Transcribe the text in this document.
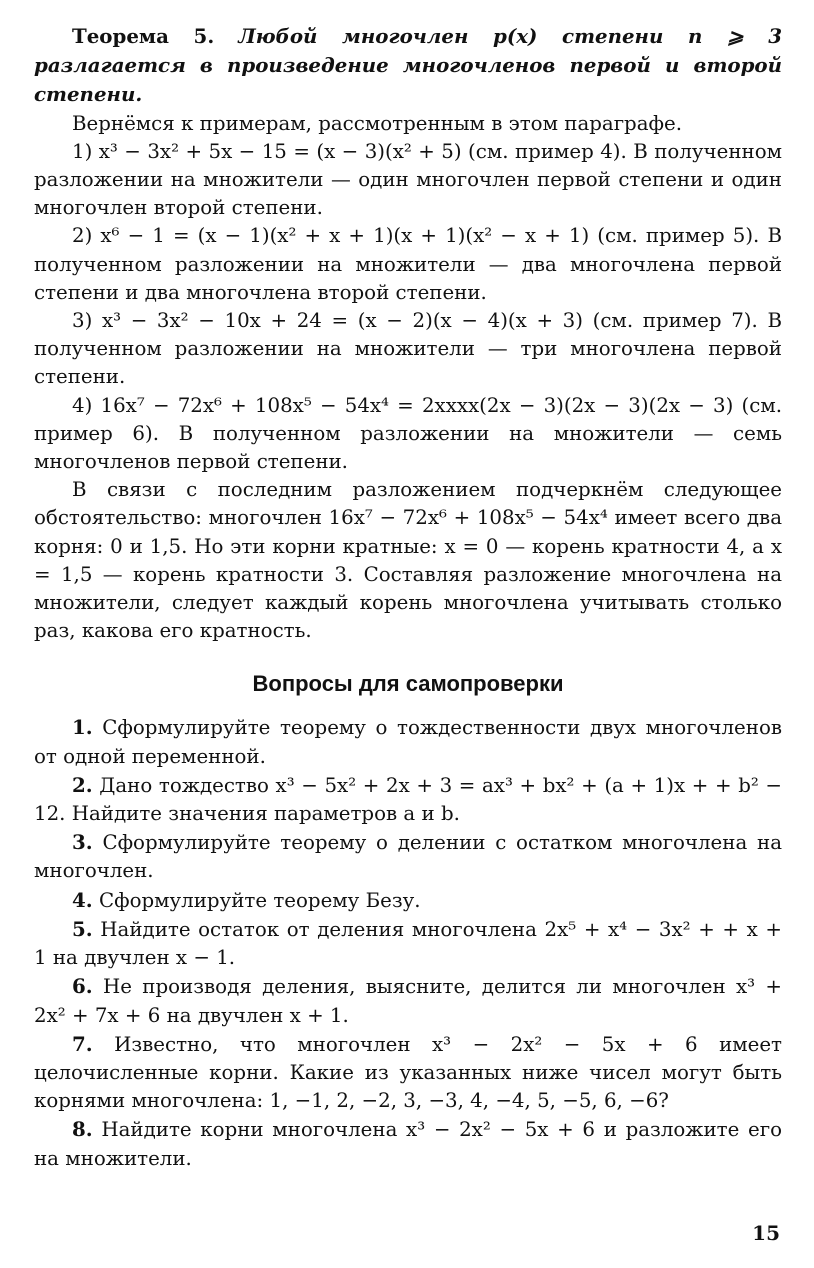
Теорема 5. Любой многочлен p(x) степени n ⩾ 3 разлагается в произведение многочленов первой и второй степени.

Вернёмся к примерам, рассмотренным в этом параграфе.

1) x³ − 3x² + 5x − 15 = (x − 3)(x² + 5) (см. пример 4). В полученном разложении на множители — один многочлен первой степени и один многочлен второй степени.

2) x⁶ − 1 = (x − 1)(x² + x + 1)(x + 1)(x² − x + 1) (см. пример 5). В полученном разложении на множители — два многочлена первой степени и два многочлена второй степени.

3) x³ − 3x² − 10x + 24 = (x − 2)(x − 4)(x + 3) (см. пример 7). В полученном разложении на множители — три многочлена первой степени.

4) 16x⁷ − 72x⁶ + 108x⁵ − 54x⁴ = 2xxxx(2x − 3)(2x − 3)(2x − 3) (см. пример 6). В полученном разложении на множители — семь многочленов первой степени.

В связи с последним разложением подчеркнём следующее обстоятельство: многочлен 16x⁷ − 72x⁶ + 108x⁵ − 54x⁴ имеет всего два корня: 0 и 1,5. Но эти корни кратные: x = 0 — корень кратности 4, а x = 1,5 — корень кратности 3. Составляя разложение многочлена на множители, следует каждый корень многочлена учитывать столько раз, какова его кратность.

Вопросы для самопроверки

1. Сформулируйте теорему о тождественности двух многочленов от одной переменной.

2. Дано тождество x³ − 5x² + 2x + 3 = ax³ + bx² + (a + 1)x + + b² − 12. Найдите значения параметров a и b.

3. Сформулируйте теорему о делении с остатком многочлена на многочлен.

4. Сформулируйте теорему Безу.

5. Найдите остаток от деления многочлена 2x⁵ + x⁴ − 3x² + + x + 1 на двучлен x − 1.

6. Не производя деления, выясните, делится ли многочлен x³ + 2x² + 7x + 6 на двучлен x + 1.

7. Известно, что многочлен x³ − 2x² − 5x + 6 имеет целочисленные корни. Какие из указанных ниже чисел могут быть корнями многочлена: 1, −1, 2, −2, 3, −3, 4, −4, 5, −5, 6, −6?

8. Найдите корни многочлена x³ − 2x² − 5x + 6 и разложите его на множители.

15
